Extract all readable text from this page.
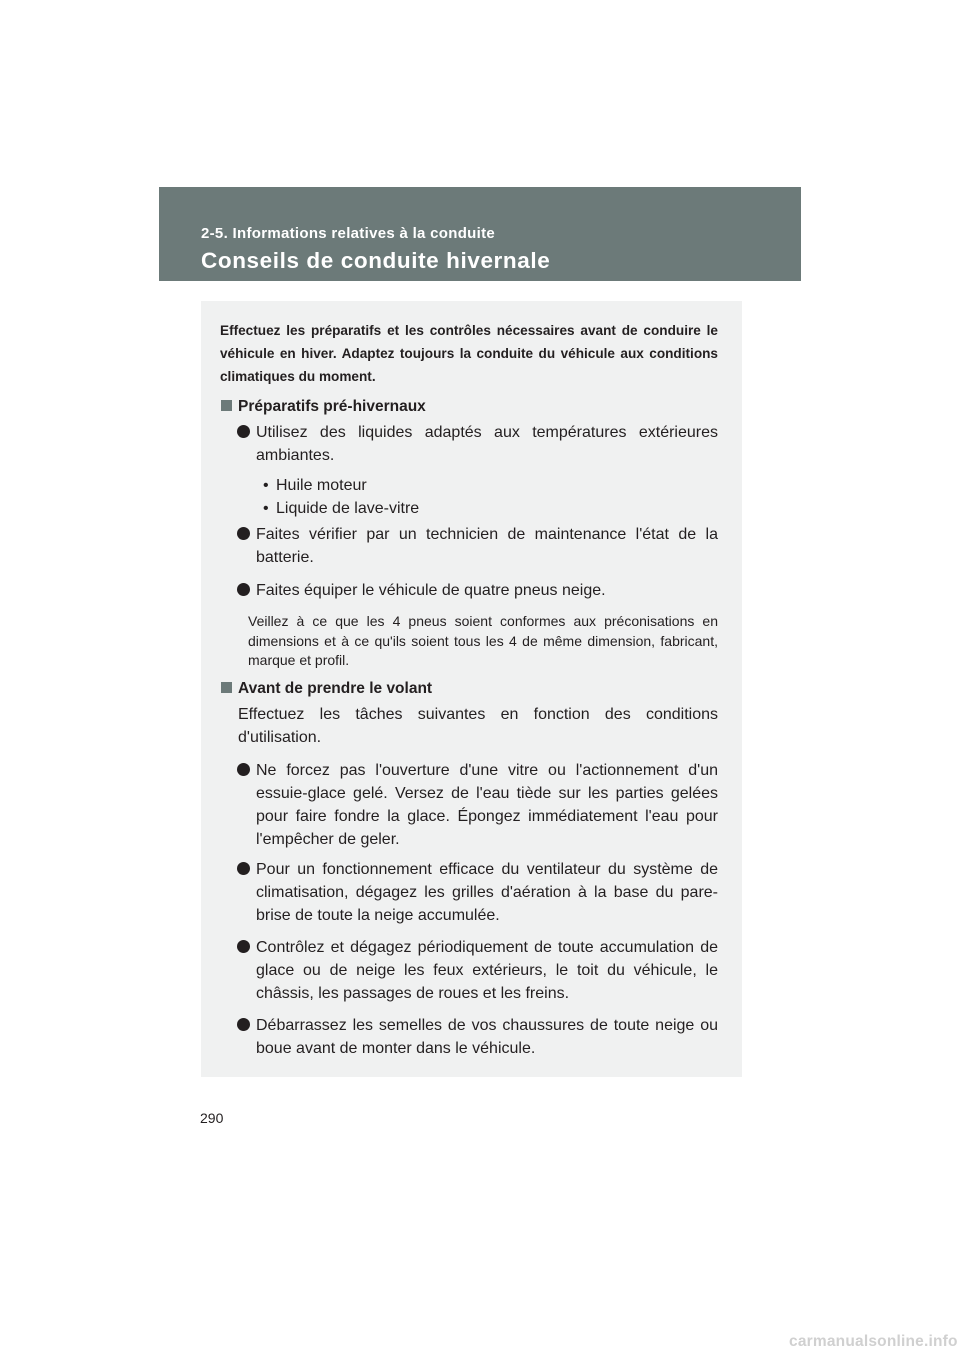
2-5. Informations relatives à la conduite
Conseils de conduite hivernale
Effectuez les préparatifs et les contrôles nécessaires avant de conduire le véhicule en hiver. Adaptez toujours la conduite du véhicule aux conditions climatiques du moment.
Préparatifs pré-hivernaux
Utilisez des liquides adaptés aux températures extérieures ambiantes.
• Huile moteur
• Liquide de lave-vitre
Faites vérifier par un technicien de maintenance l'état de la batterie.
Faites équiper le véhicule de quatre pneus neige.
Veillez à ce que les 4 pneus soient conformes aux préconisations en dimensions et à ce qu'ils soient tous les 4 de même dimension, fabricant, marque et profil.
Avant de prendre le volant
Effectuez les tâches suivantes en fonction des conditions d'utilisation.
Ne forcez pas l'ouverture d'une vitre ou l'actionnement d'un essuie-glace gelé. Versez de l'eau tiède sur les parties gelées pour faire fondre la glace. Épongez immédiatement l'eau pour l'empêcher de geler.
Pour un fonctionnement efficace du ventilateur du système de climatisation, dégagez les grilles d'aération à la base du pare-brise de toute la neige accumulée.
Contrôlez et dégagez périodiquement de toute accumulation de glace ou de neige les feux extérieurs, le toit du véhicule, le châssis, les passages de roues et les freins.
Débarrassez les semelles de vos chaussures de toute neige ou boue avant de monter dans le véhicule.
290
carmanualsonline.info
